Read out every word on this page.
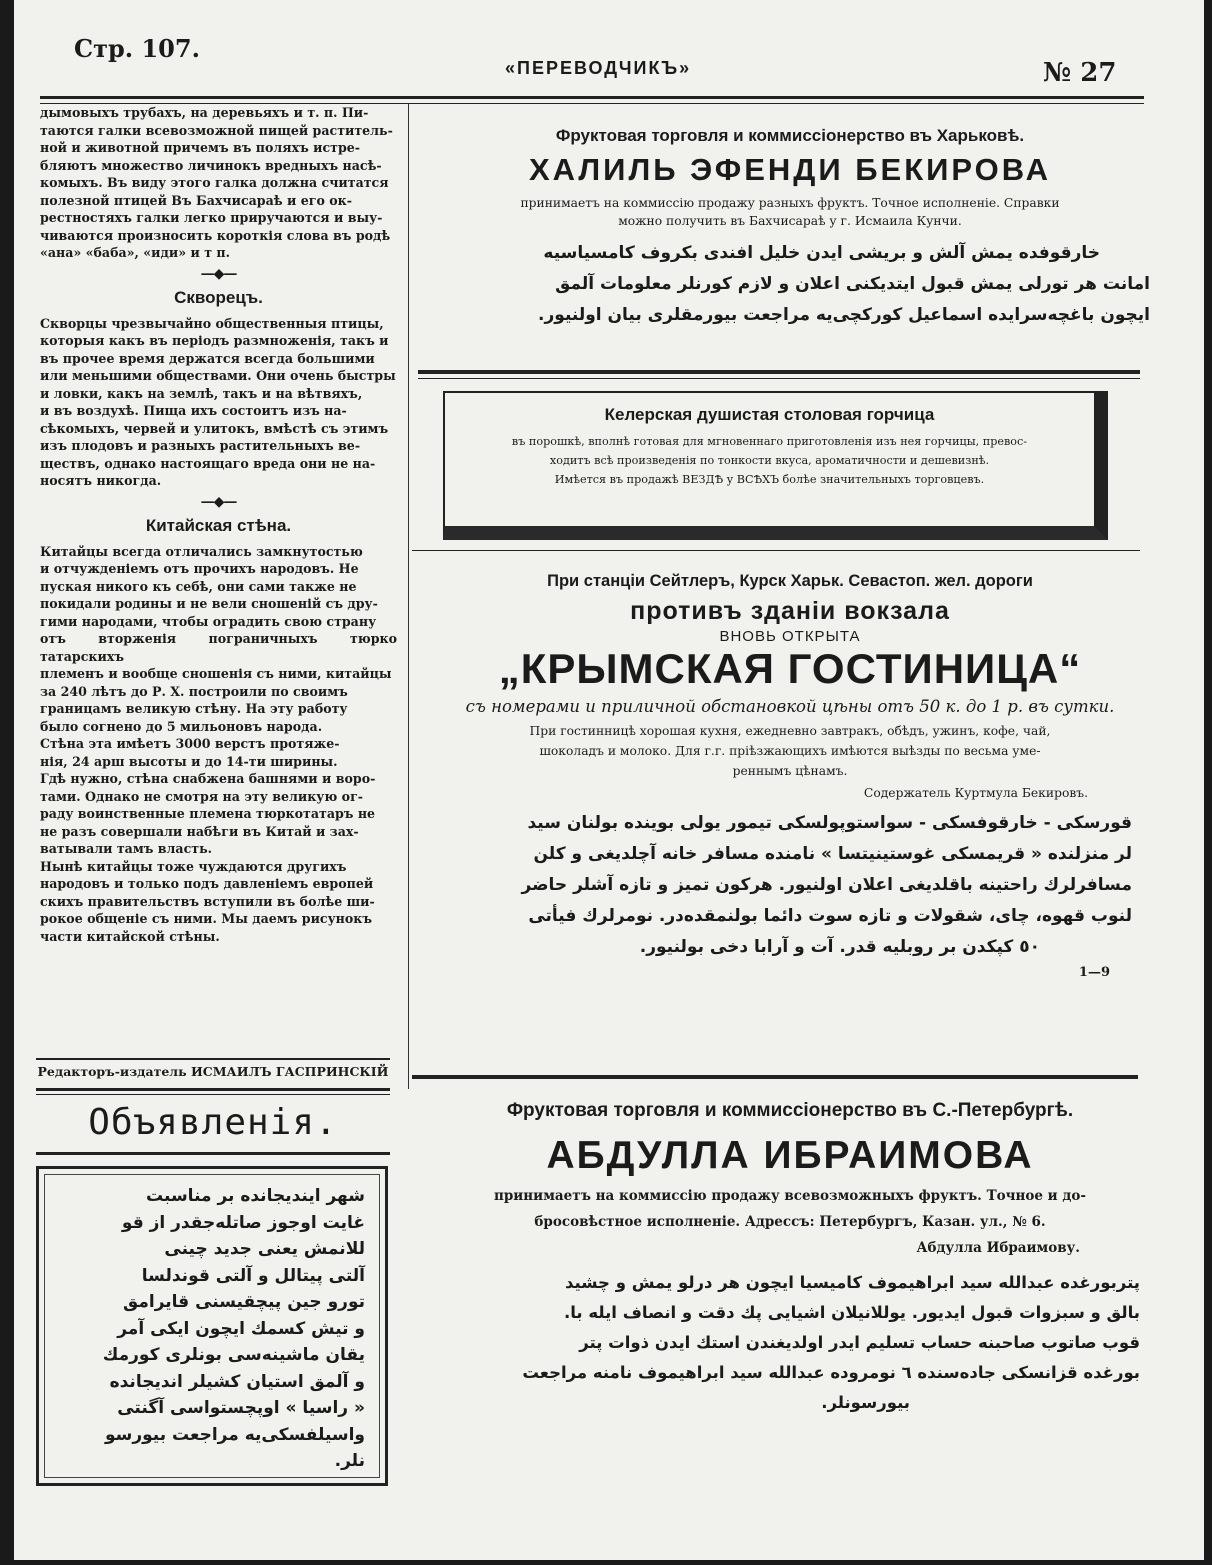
Стр. 107.
«ПЕРЕВОДЧИКЪ»	№ 27

дымовыхъ трубахъ, на деревьяхъ и т. п. Пи-

таются галки всевозможной пищей раститель-

ной и животной причемъ въ поляхъ истре-

бляютъ множество личинокъ вредныхъ насѣ-

комыхъ. Въ виду этого галка должна считатся

полезной птицей Въ Бахчисараѣ и его ок-

рестностяхъ галки легко приручаются и выу-

чиваются произносить короткія слова въ родѣ

«ана» «баба», «иди» и т п.

—◆—
Скворецъ.

Скворцы чрезвычайно общественныя птицы,

которыя какъ въ періодъ размноженія, такъ и

въ прочее время держатся всегда большими

или меньшими обществами. Они очень быстры

и ловки, какъ на землѣ, такъ и на вѣтвяхъ,

и въ воздухѣ. Пища ихъ состоитъ изъ на-

сѣкомыхъ, червей и улитокъ, вмѣстѣ съ этимъ

изъ плодовъ и разныхъ растительныхъ ве-

ществъ, однако настоящаго вреда они не на-

носятъ никогда.

—◆—
Китайская стѣна.

Китайцы всегда отличались замкнутостью

и отчужденіемъ отъ прочихъ народовъ. Не

пуская никого къ себѣ, они сами также не

покидали родины и не вели сношеній съ дру-

гими народами, чтобы оградить свою страну

отъ вторженія пограничныхъ тюрко татарскихъ

племенъ и вообще сношенія съ ними, китайцы

за 240 лѣтъ до Р. Х. построили по своимъ

границамъ великую стѣну. На эту работу

было согнено до 5 мильоновъ народа.

Стѣна эта имѣетъ 3000 верстъ протяже-

нія, 24 арш высоты и до 14-ти ширины.

Гдѣ нужно, стѣна снабжена башнями и воро-

тами. Однако не смотря на эту великую ог-

раду воинственные племена тюркотатаръ не

не разъ совершали набѣги въ Китай и зах-

ватывали тамъ власть.

Нынѣ китайцы тоже чуждаются другихъ

народовъ и только подъ давленіемъ европей

скихъ правительствъ вступили въ болѣе ши-

рокое общеніе съ ними. Мы даемъ рисунокъ

части китайской стѣны.

Редакторъ-издатель ИСМАИЛЪ ГАСПРИНСКІЙ
Объявленія.
شهر ايندیجانده بر مناسبت
غايت اوجوز صاتلەجقدر از قو
للانمش يعنی جديد چينی
آلتی پيتالل و آلتی قوندلسا
تورو جين پيچقيسنی قايرامق
و تيش كسمك ايچون ايكی آمر
يقان ماشينەسی بونلری كورمك
و آلمق استيان كشيلر انديجانده
« راسيا » اوپچستواسی آگنتی
واسيلفسكی‌يه مراجعت بيورسو
نلر.
Фруктовая торговля и коммиссіонерство въ Харьковѣ.
ХАЛИЛЬ ЭФЕНДИ БЕКИРОВА
принимаетъ на коммиссію продажу разныхъ фруктъ. Точное исполненіе. Справки
можно получить въ Бахчисараѣ у г. Исмаила Кунчи.
خارقوفده يمش آلش و بريشی ايدن خليل افندی بكروف كامسياسيه
امانت هر تورلی يمش قبول ايتديكنی اعلان و لازم كورنلر معلومات آلمق
ايچون باغچەسرايده اسماعيل كوركچی‌يه مراجعت بيورمقلری بيان اولنيور.
Келерская душистая столовая горчица
въ порошкѣ, вполнѣ готовая для мгновеннаго приготовленія изъ нея горчицы, превос-
ходитъ всѣ произведенія по тонкости вкуса, ароматичности и дешевизнѣ.
Имѣется въ продажѣ ВЕЗДѢ у ВСѢХЪ болѣе значительныхъ торговцевъ.
При станціи Сейтлеръ, Курск Харьк. Севастоп. жел. дороги
противъ зданіи вокзала
ВНОВЬ ОТКРЫТА
„КРЫМСКАЯ ГОСТИНИЦА“
съ номерами и приличной обстановкой цѣны отъ 50 к. до 1 р. въ сутки.
При гостинницѣ хорошая кухня, ежедневно завтракъ, обѣдъ, ужинъ, кофе, чай,
шоколадъ и молоко. Для г.г. пріѣзжающихъ имѣются выѣзды по весьма уме-
реннымъ цѣнамъ.
Содержатель Куртмула Бекировъ.
قورسكی - خارقوفسكی - سواستوپولسكی تيمور يولی بوينده بولنان سيد
لر منزلنده « قريمسكی غوستينيتسا » نامنده مسافر خانه آچلديغی و كلن
مسافرلرك راحتينه باقلديغی اعلان اولنيور. هركون تميز و تازه آشلر حاضر
لنوب قهوه، چای، شقولات و تازه سوت دائما بولنمقده‌در. نومرلرك فیأتی
٥٠ كپكدن بر روبليه قدر. آت و آرابا دخی بولنيور.
1—9
Фруктовая торговля и коммиссіонерство въ С.-Петербургѣ.
АБДУЛЛА ИБРАИМОВА
принимаетъ на коммиссію продажу всевозможныхъ фруктъ. Точное и до-
бросовѣстное исполненіе. Адрессъ: Петербургъ, Казан. ул., № 6.
Абдулла Ибраимову.
پتربورغده عبدالله سيد ابراهيموف كاميسيا ايچون هر درلو يمش و چشيد
بالق و سبزوات قبول ايديور. يوللانيلان اشيايی پك دقت و انصاف ايله با.
قوب صاتوب صاحبنه حساب تسليم ايدر اولديغندن استك ايدن ذوات پتر
بورغده قزانسكی جاده‌سنده ٦ نومروده عبدالله سيد ابراهيموف نامنه مراجعت
بيورسونلر.
